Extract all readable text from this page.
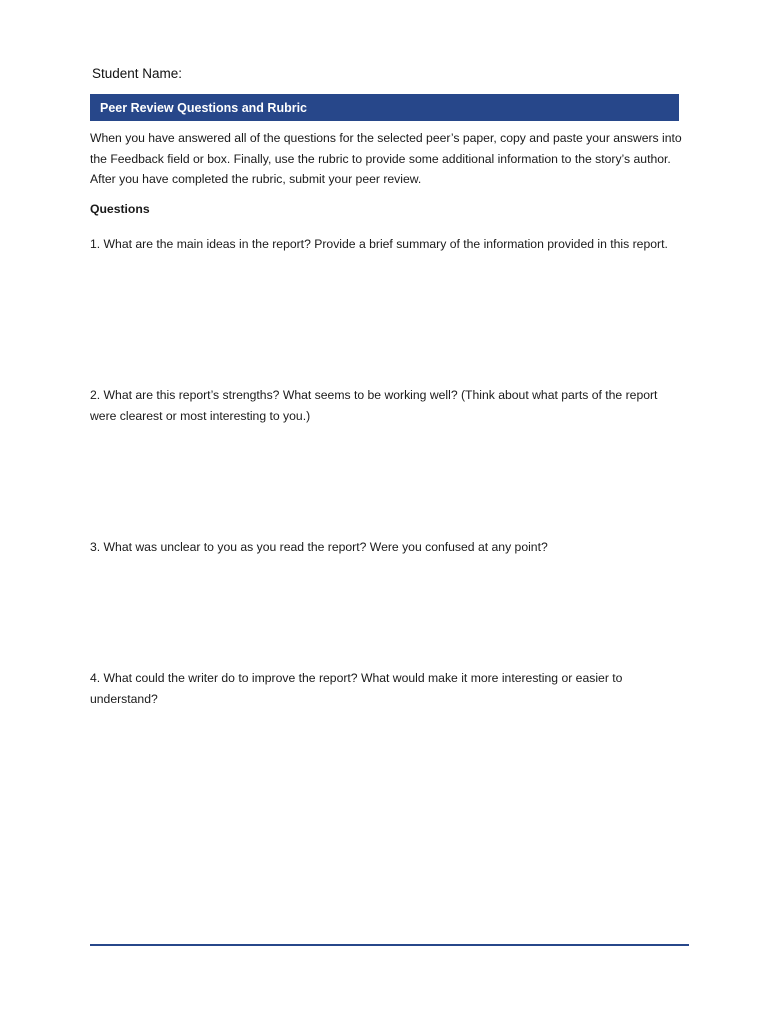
Student Name:
Peer Review Questions and Rubric
When you have answered all of the questions for the selected peer’s paper, copy and paste your answers into the Feedback field or box. Finally, use the rubric to provide some additional information to the story’s author. After you have completed the rubric, submit your peer review.
Questions
1. What are the main ideas in the report? Provide a brief summary of the information provided in this report.
2. What are this report’s strengths? What seems to be working well? (Think about what parts of the report were clearest or most interesting to you.)
3. What was unclear to you as you read the report? Were you confused at any point?
4. What could the writer do to improve the report? What would make it more interesting or easier to understand?
